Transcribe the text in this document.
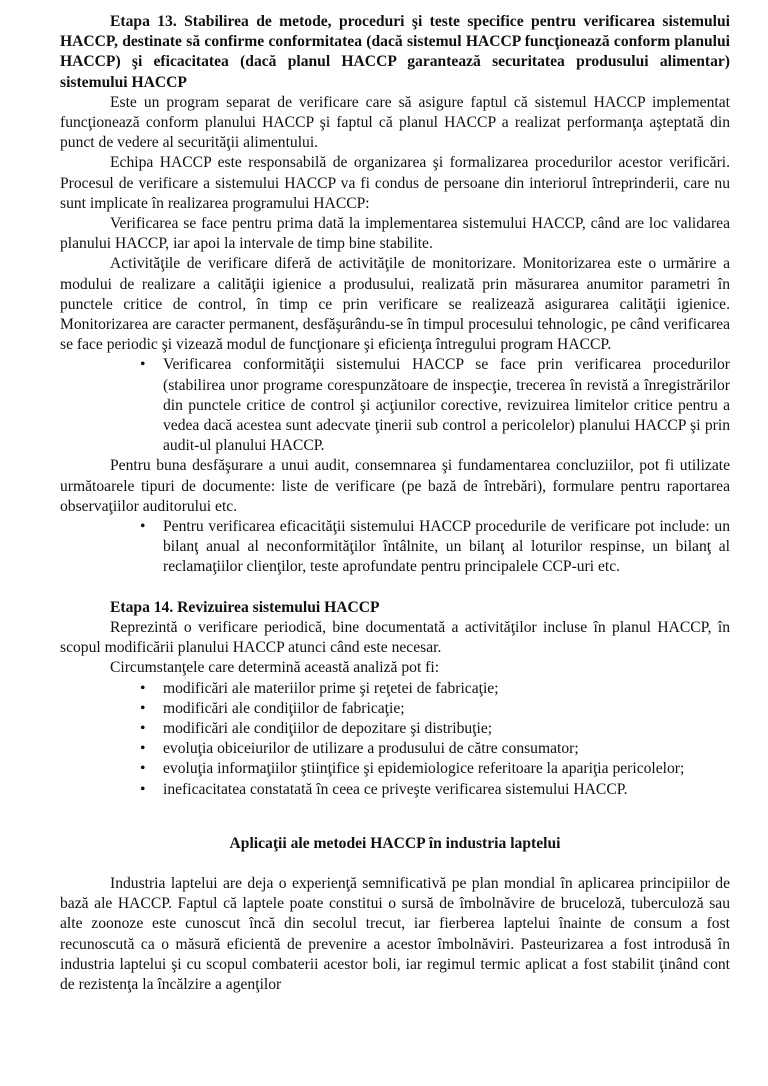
Etapa 13. Stabilirea de metode, proceduri şi teste specifice pentru verificarea sistemului HACCP, destinate să confirme conformitatea (dacă sistemul HACCP funcţionează conform planului HACCP) şi eficacitatea (dacă planul HACCP garantează securitatea produsului alimentar) sistemului HACCP

Este un program separat de verificare care să asigure faptul că sistemul HACCP implementat funcţionează conform planului HACCP şi faptul că planul HACCP a realizat performanţa aşteptată din punct de vedere al securităţii alimentului.

Echipa HACCP este responsabilă de organizarea şi formalizarea procedurilor acestor verificări. Procesul de verificare a sistemului HACCP va fi condus de persoane din interiorul întreprinderii, care nu sunt implicate în realizarea programului HACCP:

Verificarea se face pentru prima dată la implementarea sistemului HACCP, când are loc validarea planului HACCP, iar apoi la intervale de timp bine stabilite.

Activităţile de verificare diferă de activităţile de monitorizare. Monitorizarea este o urmărire a modului de realizare a calităţii igienice a produsului, realizată prin măsurarea anumitor parametri în punctele critice de control, în timp ce prin verificare se realizează asigurarea calităţii igienice. Monitorizarea are caracter permanent, desfăşurându-se în timpul procesului tehnologic, pe când verificarea se face periodic şi vizează modul de funcţionare şi eficienţa întregului program HACCP.

• Verificarea conformităţii sistemului HACCP se face prin verificarea procedurilor (stabilirea unor programe corespunzătoare de inspecţie, trecerea în revistă a înregistrărilor din punctele critice de control şi acţiunilor corective, revizuirea limitelor critice pentru a vedea dacă acestea sunt adecvate ţinerii sub control a pericolelor) planului HACCP şi prin audit-ul planului HACCP.

Pentru buna desfăşurare a unui audit, consemnarea şi fundamentarea concluziilor, pot fi utilizate următoarele tipuri de documente: liste de verificare (pe bază de întrebări), formulare pentru raportarea observaţiilor auditorului etc.

• Pentru verificarea eficacităţii sistemului HACCP procedurile de verificare pot include: un bilanţ anual al neconformităţilor întâlnite, un bilanţ al loturilor respinse, un bilanţ al reclamaţiilor clienţilor, teste aprofundate pentru principalele CCP-uri etc.

Etapa 14. Revizuirea sistemului HACCP

Reprezintă o verificare periodică, bine documentată a activităţilor incluse în planul HACCP, în scopul modificării planului HACCP atunci când este necesar.

Circumstanţele care determină această analiză pot fi:

• modificări ale materiilor prime şi reţetei de fabricaţie;
• modificări ale condiţiilor de fabricaţie;
• modificări ale condiţiilor de depozitare şi distribuţie;
• evoluţia obiceiurilor de utilizare a produsului de către consumator;
• evoluţia informaţiilor ştiinţifice şi epidemiologice referitoare la apariţia pericolelor;
• ineficacitatea constatată în ceea ce priveşte verificarea sistemului HACCP.

Aplicaţii ale metodei HACCP în industria laptelui

Industria laptelui are deja o experienţă semnificativă pe plan mondial în aplicarea principiilor de bază ale HACCP. Faptul că laptele poate constitui o sursă de îmbolnăvire de bruceloză, tuberculoză sau alte zoonoze este cunoscut încă din secolul trecut, iar fierberea laptelui înainte de consum a fost recunoscută ca o măsură eficientă de prevenire a acestor îmbolnăviri. Pasteurizarea a fost introdusă în industria laptelui şi cu scopul combaterii acestor boli, iar regimul termic aplicat a fost stabilit ţinând cont de rezistenţa la încălzire a agenţilor
